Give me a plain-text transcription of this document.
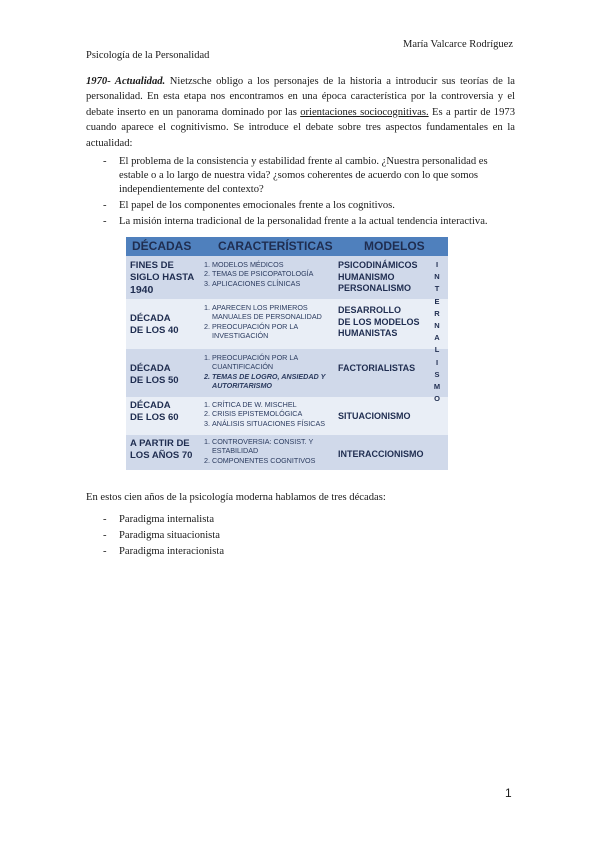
María Valcarce Rodríguez
Psicología de la Personalidad
1970- Actualidad. Nietzsche obligo a los personajes de la historia a introducir sus teorías de la personalidad. En esta etapa nos encontramos en una época característica por la controversia y el debate inserto en un panorama dominado por las orientaciones sociocognitivas. Es a partir de 1973 cuando aparece el cognitivismo. Se introduce el debate sobre tres aspectos fundamentales en la actualidad:
- El problema de la consistencia y estabilidad frente al cambio. ¿Nuestra personalidad es estable o a lo largo de nuestra vida? ¿somos coherentes de acuerdo con lo que somos independientemente del contexto?
- El papel de los componentes emocionales frente a los cognitivos.
- La misión interna tradicional de la personalidad frente a la actual tendencia interactiva.
DÉCADAS CARACTERÍSTICAS	MODELOS
FINES DE
SIGLO HASTA
1940
1. MODELOS MÉDICOS
2. TEMAS DE PSICOPATOLOGÍA
3. APLICACIONES CLÍNICAS
PSICODINÁMICOS
HUMANISMO
PERSONALISMO
DÉCADA
DE LOS 40
1. APARECEN LOS PRIMEROS MANUALES DE PERSONALIDAD
2. PREOCUPACIÓN POR LA INVESTIGACIÓN
DESARROLLO
DE LOS MODELOS
HUMANISTAS
DÉCADA
DE LOS 50
1. PREOCUPACIÓN POR LA CUANTIFICACIÓN
2. TEMAS DE LOGRO, ANSIEDAD Y AUTORITARISMO
FACTORIALISTAS
DÉCADA
DE LOS 60
1. CRÍTICA DE W. MISCHEL
2. CRISIS EPISTEMOLÓGICA
3. ANÁLISIS SITUACIONES FÍSICAS
SITUACIONISMO
A PARTIR DE
LOS AÑOS 70
1. CONTROVERSIA: CONSIST. Y ESTABILIDAD
2. COMPONENTES COGNITIVOS
INTERACCIONISMO
I
N
T
E
R
N
A
L
I
S
M
O
En estos cien años de la psicología moderna hablamos de tres décadas:
- Paradigma internalista
- Paradigma situacionista
- Paradigma interacionista
1
